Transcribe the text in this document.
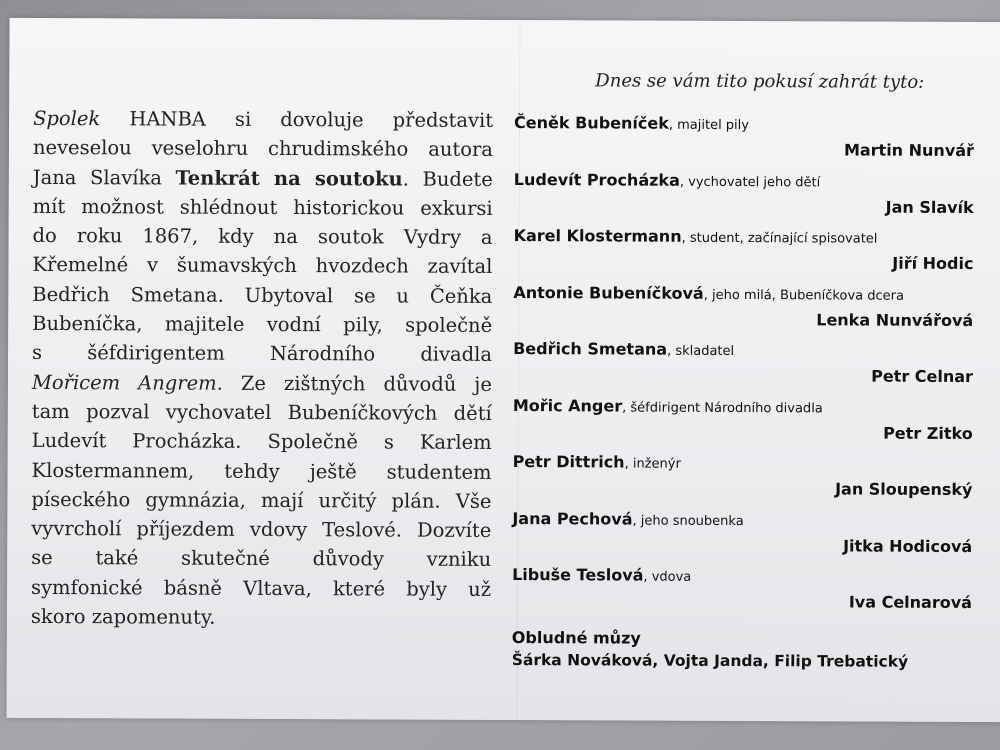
Spolek HANBA si dovoluje představit
neveselou veselohru chrudimského autora
Jana Slavíka Tenkrát na soutoku. Budete
mít možnost shlédnout historickou exkursi
do roku 1867, kdy na soutok Vydry a
Křemelné v šumavských hvozdech zavítal
Bedřich Smetana. Ubytoval se u Čeňka
Bubeníčka, majitele vodní pily, společně
s šéfdirigentem Národního divadla
Mořicem Angrem. Ze zištných důvodů je
tam pozval vychovatel Bubeníčkových dětí
Ludevít Procházka. Společně s Karlem
Klostermannem, tehdy ještě studentem
píseckého gymnázia, mají určitý plán. Vše
vyvrcholí příjezdem vdovy Teslové. Dozvíte
se také skutečné důvody vzniku
symfonické básně Vltava, které byly už
skoro zapomenuty.
Dnes se vám tito pokusí zahrát tyto:
Čeněk Bubeníček, majitel pily
Martin Nunvář
Ludevít Procházka, vychovatel jeho dětí
Jan Slavík
Karel Klostermann, student, začínající spisovatel
Jiří Hodic
Antonie Bubeníčková, jeho milá, Bubeníčkova dcera
Lenka Nunvářová
Bedřich Smetana, skladatel
Petr Celnar
Mořic Anger, šéfdirigent Národního divadla
Petr Zitko
Petr Dittrich, inženýr
Jan Sloupenský
Jana Pechová, jeho snoubenka
Jitka Hodicová
Libuše Teslová, vdova
Iva Celnarová
Obludné můzy
Šárka Nováková, Vojta Janda, Filip Trebatický
